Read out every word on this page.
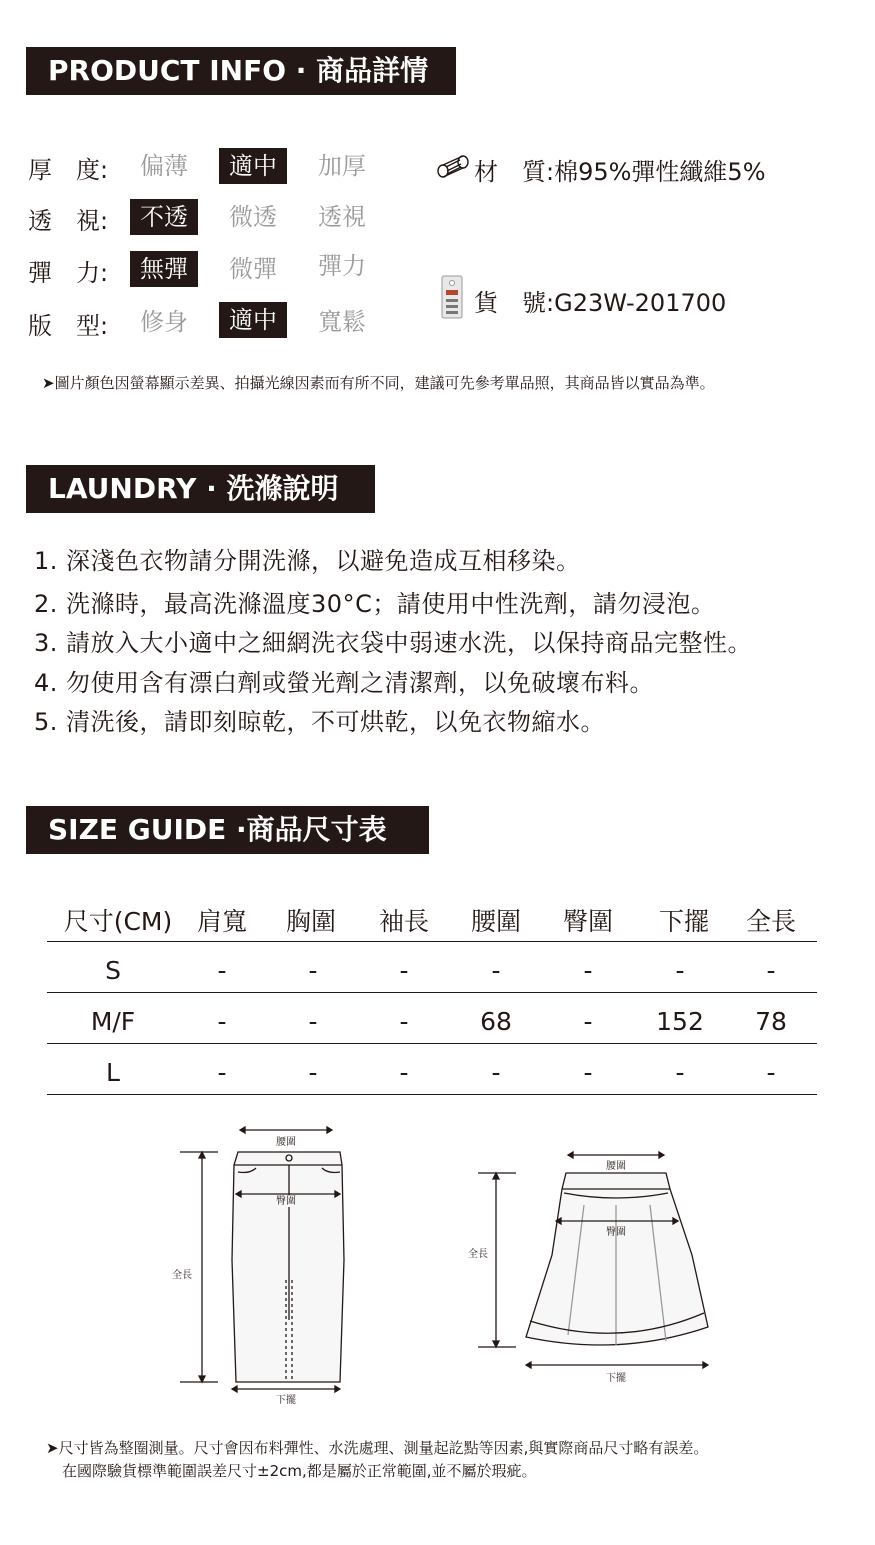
PRODUCT INFO · 商品詳情
厚 度:	偏薄	適中	加厚
透 視:	不透	微透	透視
彈 力:	無彈	微彈	彈力
版 型:	修身	適中	寬鬆
材　質:棉95%彈性纖維5%
貨　號:G23W-201700
➤圖片顏色因螢幕顯示差異、拍攝光線因素而有所不同，建議可先參考單品照，其商品皆以實品為準。
LAUNDRY · 洗滌說明
1. 深淺色衣物請分開洗滌，以避免造成互相移染。
2. 洗滌時，最高洗滌溫度30°C；請使用中性洗劑，請勿浸泡。
3. 請放入大小適中之細網洗衣袋中弱速水洗，以保持商品完整性。
4. 勿使用含有漂白劑或螢光劑之清潔劑，以免破壞布料。
5. 清洗後，請即刻晾乾，不可烘乾，以免衣物縮水。
SIZE GUIDE ·商品尺寸表
尺寸(CM) 肩寬 胸圍 袖長 腰圍 臀圍 下擺 全長
S	-	-	-	-	-	-	-
M/F	-	-	-	68	-	152 78
L	-	-	-	-	-	-	-
腰圍
臀圍
全長
下擺
腰圍
臀圍
全長
下擺
➤尺寸皆為整圈測量。尺寸會因布料彈性、水洗處理、測量起訖點等因素,與實際商品尺寸略有誤差。
在國際驗貨標準範圍誤差尺寸±2cm,都是屬於正常範圍,並不屬於瑕疵。
